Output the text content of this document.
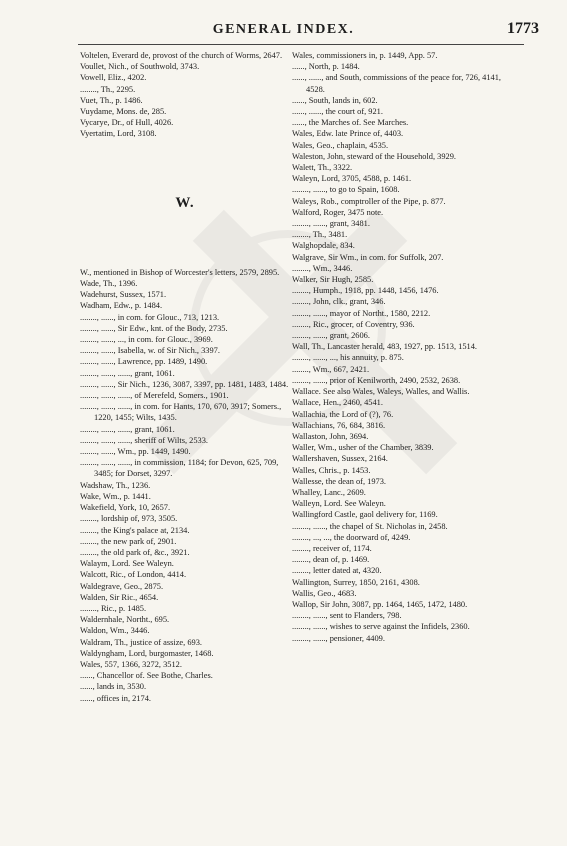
GENERAL INDEX.	1773

Voltelen, Everard de, provost of the church of Worms, 2647.

Voullet, Nich., of Southwold, 3743.

Vowell, Eliz., 4202.

........, Th., 2295.

Vuet, Th., p. 1486.

Vuydame, Mons. de, 285.

Vycarye, Dr., of Hull, 4026.

Vyertatim, Lord, 3108.

W.

W., mentioned in Bishop of Worcester's letters, 2579, 2895.

Wade, Th., 1396.

Wadehurst, Sussex, 1571.

Wadham, Edw., p. 1484.

........, ......, in com. for Glouc., 713, 1213.

........, ......, Sir Edw., knt. of the Body, 2735.

........, ......, ..., in com. for Glouc., 3969.

........, ......, Isabella, w. of Sir Nich., 3397.

........, ......, Lawrence, pp. 1489, 1490.

........, ......, ......, grant, 1061.

........, ......, Sir Nich., 1236, 3087, 3397, pp. 1481, 1483, 1484.

........, ......, ......, of Merefeld, Somers., 1901.

........, ......, ......, in com. for Hants, 170, 670, 3917; Somers., 1220, 1455; Wilts, 1435.

........, ......, ......, grant, 1061.

........, ......, ......, sheriff of Wilts, 2533.

........, ......, Wm., pp. 1449, 1490.

........, ......, ......, in commission, 1184; for Devon, 625, 709, 3485; for Dorset, 3297.

Wadshaw, Th., 1236.

Wake, Wm., p. 1441.

Wakefield, York, 10, 2657.

........, lordship of, 973, 3505.

........, the King's palace at, 2134.

........, the new park of, 2901.

........, the old park of, &c., 3921.

Walaym, Lord. See Waleyn.

Walcott, Ric., of London, 4414.

Waldegrave, Geo., 2875.

Walden, Sir Ric., 4654.

........, Ric., p. 1485.

Waldernhale, Northt., 695.

Waldon, Wm., 3446.

Waldram, Th., justice of assize, 693.

Waldyngham, Lord, burgomaster, 1468.

Wales, 557, 1366, 3272, 3512.

......, Chancellor of. See Bothe, Charles.

......, lands in, 3530.

......, offices in, 2174.

Wales, commissioners in, p. 1449, App. 57.

......, North, p. 1484.

......, ......, and South, commissions of the peace for, 726, 4141, 4528.

......, South, lands in, 602.

......, ......, the court of, 921.

......, the Marches of. See Marches.

Wales, Edw. late Prince of, 4403.

Wales, Geo., chaplain, 4535.

Waleston, John, steward of the Household, 3929.

Walett, Th., 3322.

Waleyn, Lord, 3705, 4588, p. 1461.

........, ......, to go to Spain, 1608.

Waleys, Rob., comptroller of the Pipe, p. 877.

Walford, Roger, 3475 note.

........, ......, grant, 3481.

........, Th., 3481.

Walghopdale, 834.

Walgrave, Sir Wm., in com. for Suffolk, 207.

........, Wm., 3446.

Walker, Sir Hugh, 2585.

........, Humph., 1918, pp. 1448, 1456, 1476.

........, John, clk., grant, 346.

........, ......, mayor of Northt., 1580, 2212.

........, Ric., grocer, of Coventry, 936.

........, ......, grant, 2606.

Wall, Th., Lancaster herald, 483, 1927, pp. 1513, 1514.

........, ......, ..., his annuity, p. 875.

........, Wm., 667, 2421.

........, ......, prior of Kenilworth, 2490, 2532, 2638.

Wallace. See also Wales, Waleys, Walles, and Wallis.

Wallace, Hen., 2460, 4541.

Wallachia, the Lord of (?), 76.

Wallachians, 76, 684, 3816.

Wallaston, John, 3694.

Waller, Wm., usher of the Chamber, 3839.

Wallershaven, Sussex, 2164.

Walles, Chris., p. 1453.

Wallesse, the dean of, 1973.

Whalley, Lanc., 2609.

Walleyn, Lord. See Waleyn.

Wallingford Castle, gaol delivery for, 1169.

........, ......, the chapel of St. Nicholas in, 2458.

........, ..., ..., the doorward of, 4249.

........, receiver of, 1174.

........, dean of, p. 1469.

........, letter dated at, 4320.

Wallington, Surrey, 1850, 2161, 4308.

Wallis, Geo., 4683.

Wallop, Sir John, 3087, pp. 1464, 1465, 1472, 1480.

........, ......, sent to Flanders, 798.

........, ......, wishes to serve against the Infidels, 2360.

........, ......, pensioner, 4409.
